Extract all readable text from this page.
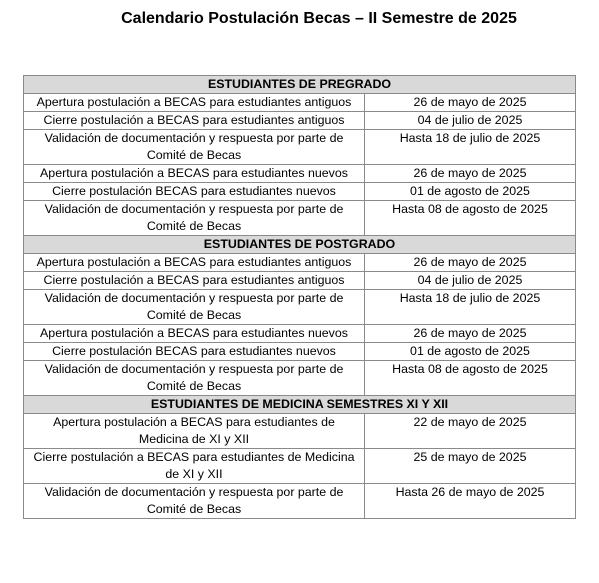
Calendario Postulación Becas – II Semestre de 2025
ESTUDIANTES DE PREGRADO	
Apertura postulación a BECAS para estudiantes antiguos	26 de mayo de 2025
Cierre postulación a BECAS para estudiantes antiguos	04 de julio de 2025
Validación de documentación y respuesta por parte de Comité de Becas	Hasta 18 de julio de 2025
Apertura postulación a BECAS para estudiantes nuevos	26 de mayo de 2025
Cierre postulación BECAS para estudiantes nuevos	01 de agosto de 2025
Validación de documentación y respuesta por parte de Comité de Becas	Hasta 08 de agosto de 2025
ESTUDIANTES DE POSTGRADO	
Apertura postulación a BECAS para estudiantes antiguos	26 de mayo de 2025
Cierre postulación a BECAS para estudiantes antiguos	04 de julio de 2025
Validación de documentación y respuesta por parte de Comité de Becas	Hasta 18 de julio de 2025
Apertura postulación a BECAS para estudiantes nuevos	26 de mayo de 2025
Cierre postulación BECAS para estudiantes nuevos	01 de agosto de 2025
Validación de documentación y respuesta por parte de Comité de Becas	Hasta 08 de agosto de 2025
ESTUDIANTES DE MEDICINA SEMESTRES XI Y XII	
Apertura postulación a BECAS para estudiantes de Medicina de XI y XII	22 de mayo de 2025
Cierre postulación a BECAS para estudiantes de Medicina de XI y XII	25 de mayo de 2025
Validación de documentación y respuesta por parte de Comité de Becas	Hasta 26 de mayo de 2025
